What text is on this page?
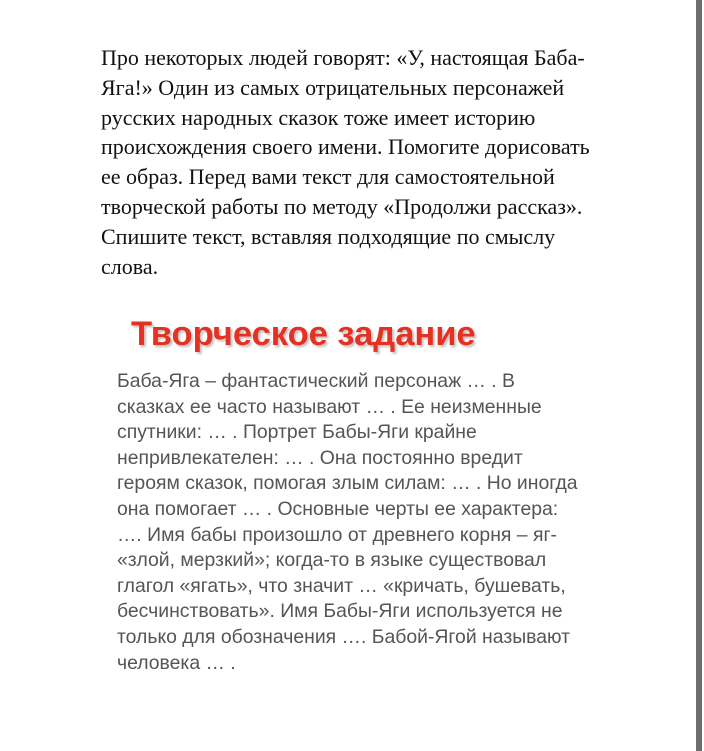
Про некоторых людей говорят: «У, настоящая Баба-
Яга!» Один из самых отрицательных персонажей
русских народных сказок тоже имеет историю
происхождения своего имени. Помогите дорисовать
ее образ. Перед вами текст для самостоятельной
творческой работы по методу «Продолжи рассказ».
Спишите текст, вставляя подходящие по смыслу
слова.

Творческое задание

Баба-Яга – фантастический персонаж … . В
сказках ее часто называют … . Ее неизменные
спутники: … . Портрет Бабы-Яги крайне
непривлекателен: … . Она постоянно вредит
героям сказок, помогая злым силам: … . Но иногда
она помогает … . Основные черты ее характера:
…. Имя бабы произошло от древнего корня – яг-
«злой, мерзкий»; когда-то в языке существовал
глагол «ягать», что значит … «кричать, бушевать,
бесчинствовать». Имя Бабы-Яги используется не
только для обозначения …. Бабой-Ягой называют
человека … .
